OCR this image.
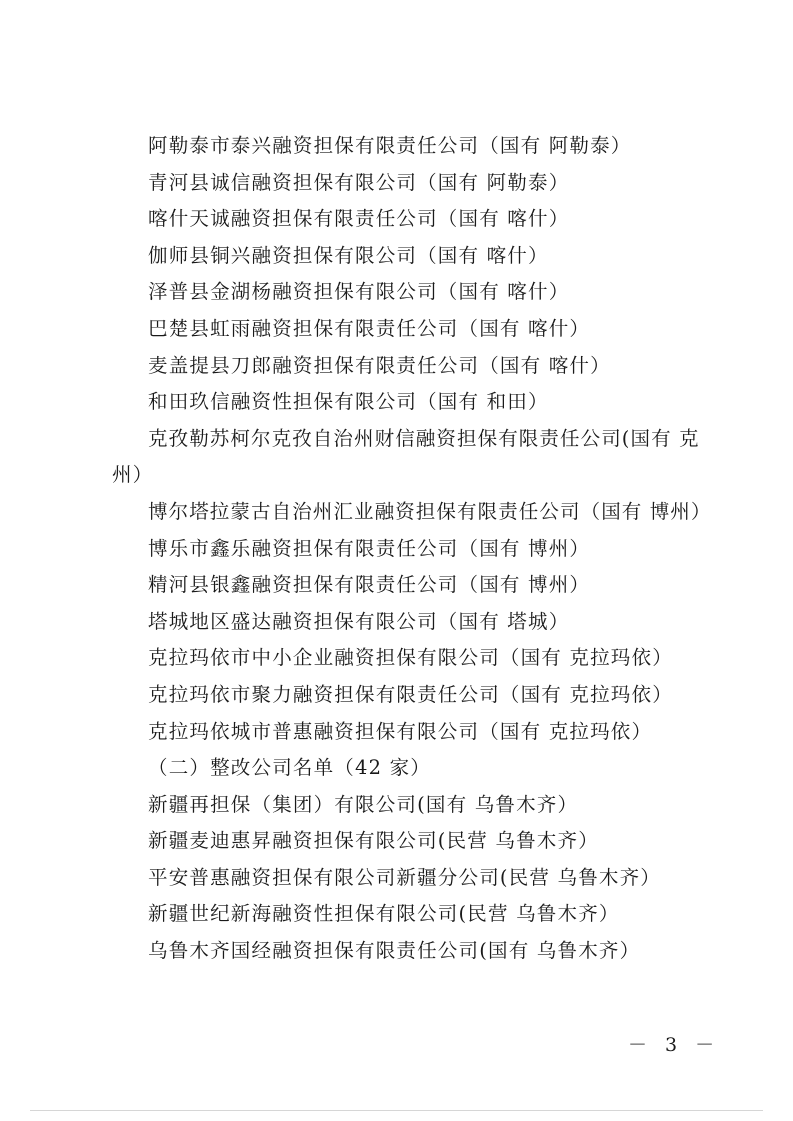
阿勒泰市泰兴融资担保有限责任公司（国有 阿勒泰）
青河县诚信融资担保有限公司（国有 阿勒泰）
喀什天诚融资担保有限责任公司（国有 喀什）
伽师县铜兴融资担保有限公司（国有 喀什）
泽普县金湖杨融资担保有限公司（国有 喀什）
巴楚县虹雨融资担保有限责任公司（国有 喀什）
麦盖提县刀郎融资担保有限责任公司（国有 喀什）
和田玖信融资性担保有限公司（国有 和田）
克孜勒苏柯尔克孜自治州财信融资担保有限责任公司(国有 克州）
博尔塔拉蒙古自治州汇业融资担保有限责任公司（国有 博州）
博乐市鑫乐融资担保有限责任公司（国有 博州）
精河县银鑫融资担保有限责任公司（国有 博州）
塔城地区盛达融资担保有限公司（国有 塔城）
克拉玛依市中小企业融资担保有限公司（国有 克拉玛依）
克拉玛依市聚力融资担保有限责任公司（国有 克拉玛依）
克拉玛依城市普惠融资担保有限公司（国有 克拉玛依）
（二）整改公司名单（42 家）
新疆再担保（集团）有限公司(国有 乌鲁木齐）
新疆麦迪惠昇融资担保有限公司(民营 乌鲁木齐）
平安普惠融资担保有限公司新疆分公司(民营 乌鲁木齐）
新疆世纪新海融资性担保有限公司(民营 乌鲁木齐）
乌鲁木齐国经融资担保有限责任公司(国有 乌鲁木齐）
－ 3 －
